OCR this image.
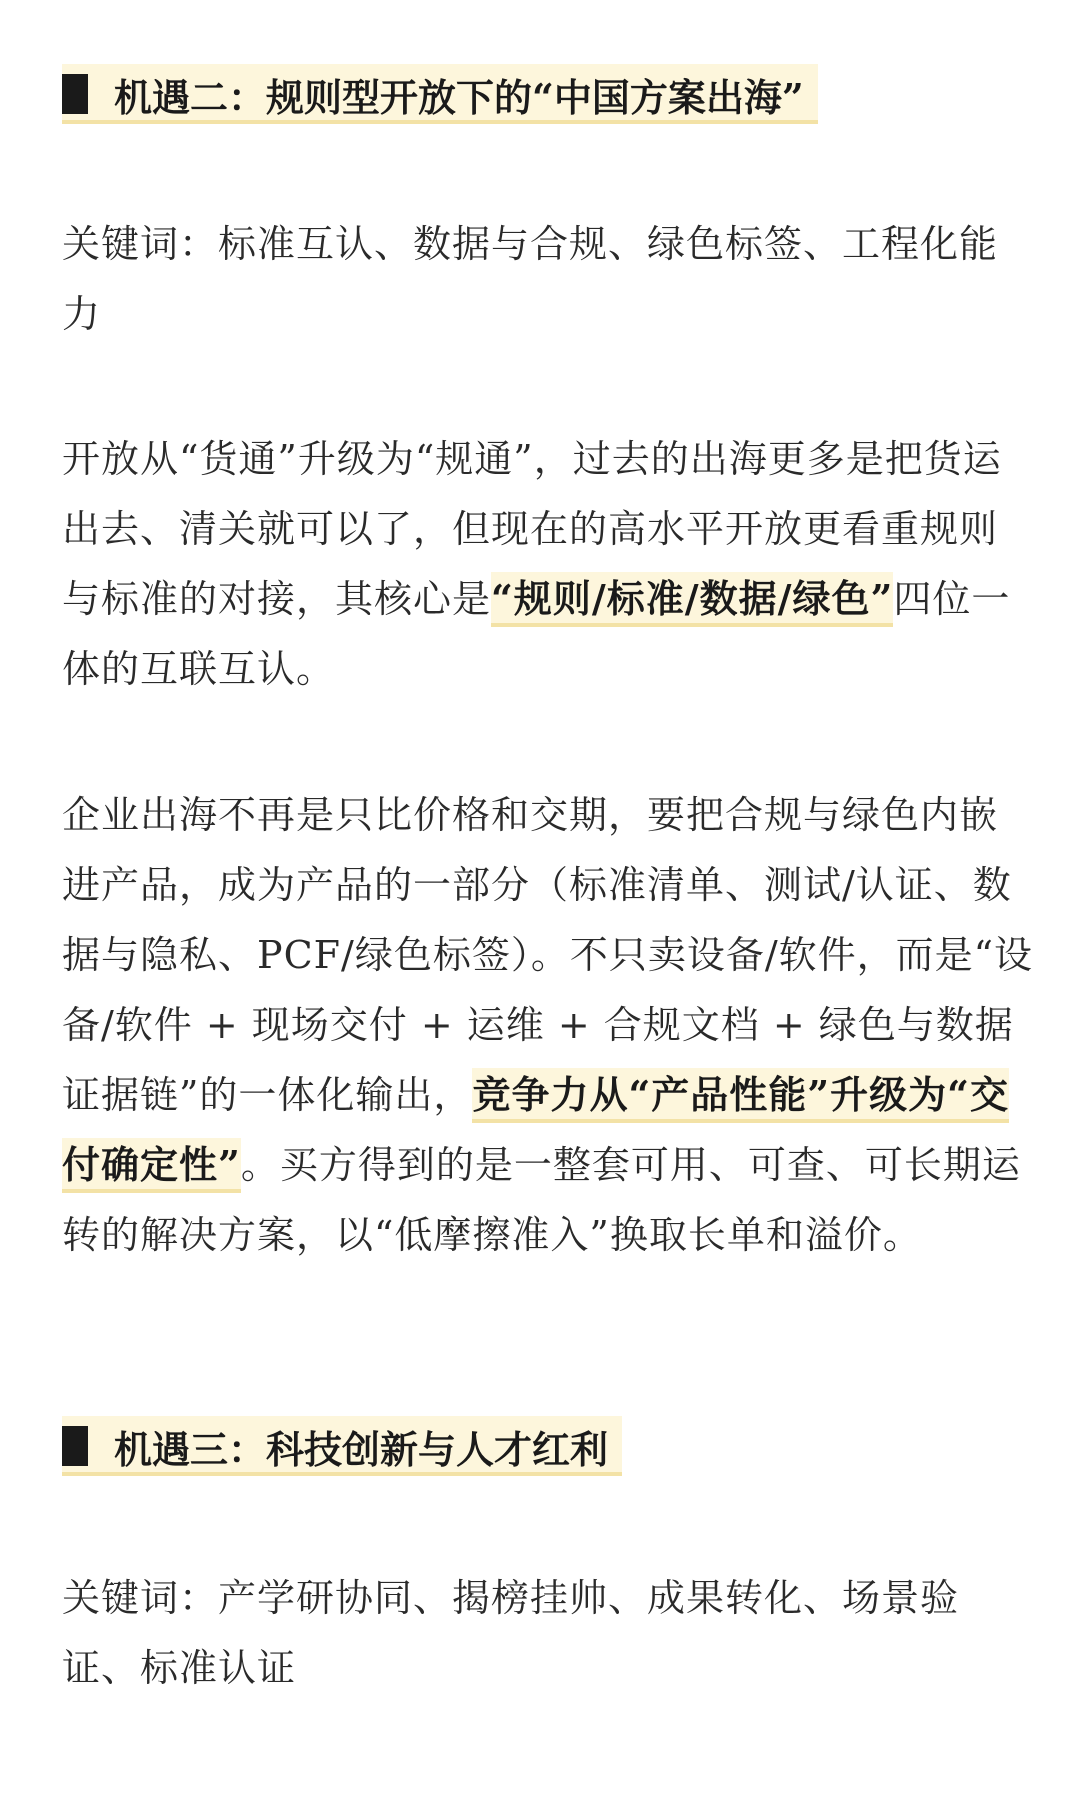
机遇二：规则型开放下的“中国方案出海”
关键词：标准互认、数据与合规、绿色标签、工程化能力
开放从“货通”升级为“规通”，过去的出海更多是把货运出去、清关就可以了，但现在的高水平开放更看重规则与标准的对接，其核心是“规则/标准/数据/绿色”四位一体的互联互认。
企业出海不再是只比价格和交期，要把合规与绿色内嵌进产品，成为产品的一部分（标准清单、测试/认证、数据与隐私、PCF/绿色标签）。不只卖设备/软件，而是“设备/软件 + 现场交付 + 运维 + 合规文档 + 绿色与数据证据链”的一体化输出，竞争力从“产品性能”升级为“交付确定性”。买方得到的是一整套可用、可查、可长期运转的解决方案，以“低摩擦准入”换取长单和溢价。
机遇三：科技创新与人才红利
关键词：产学研协同、揭榜挂帅、成果转化、场景验证、标准认证
